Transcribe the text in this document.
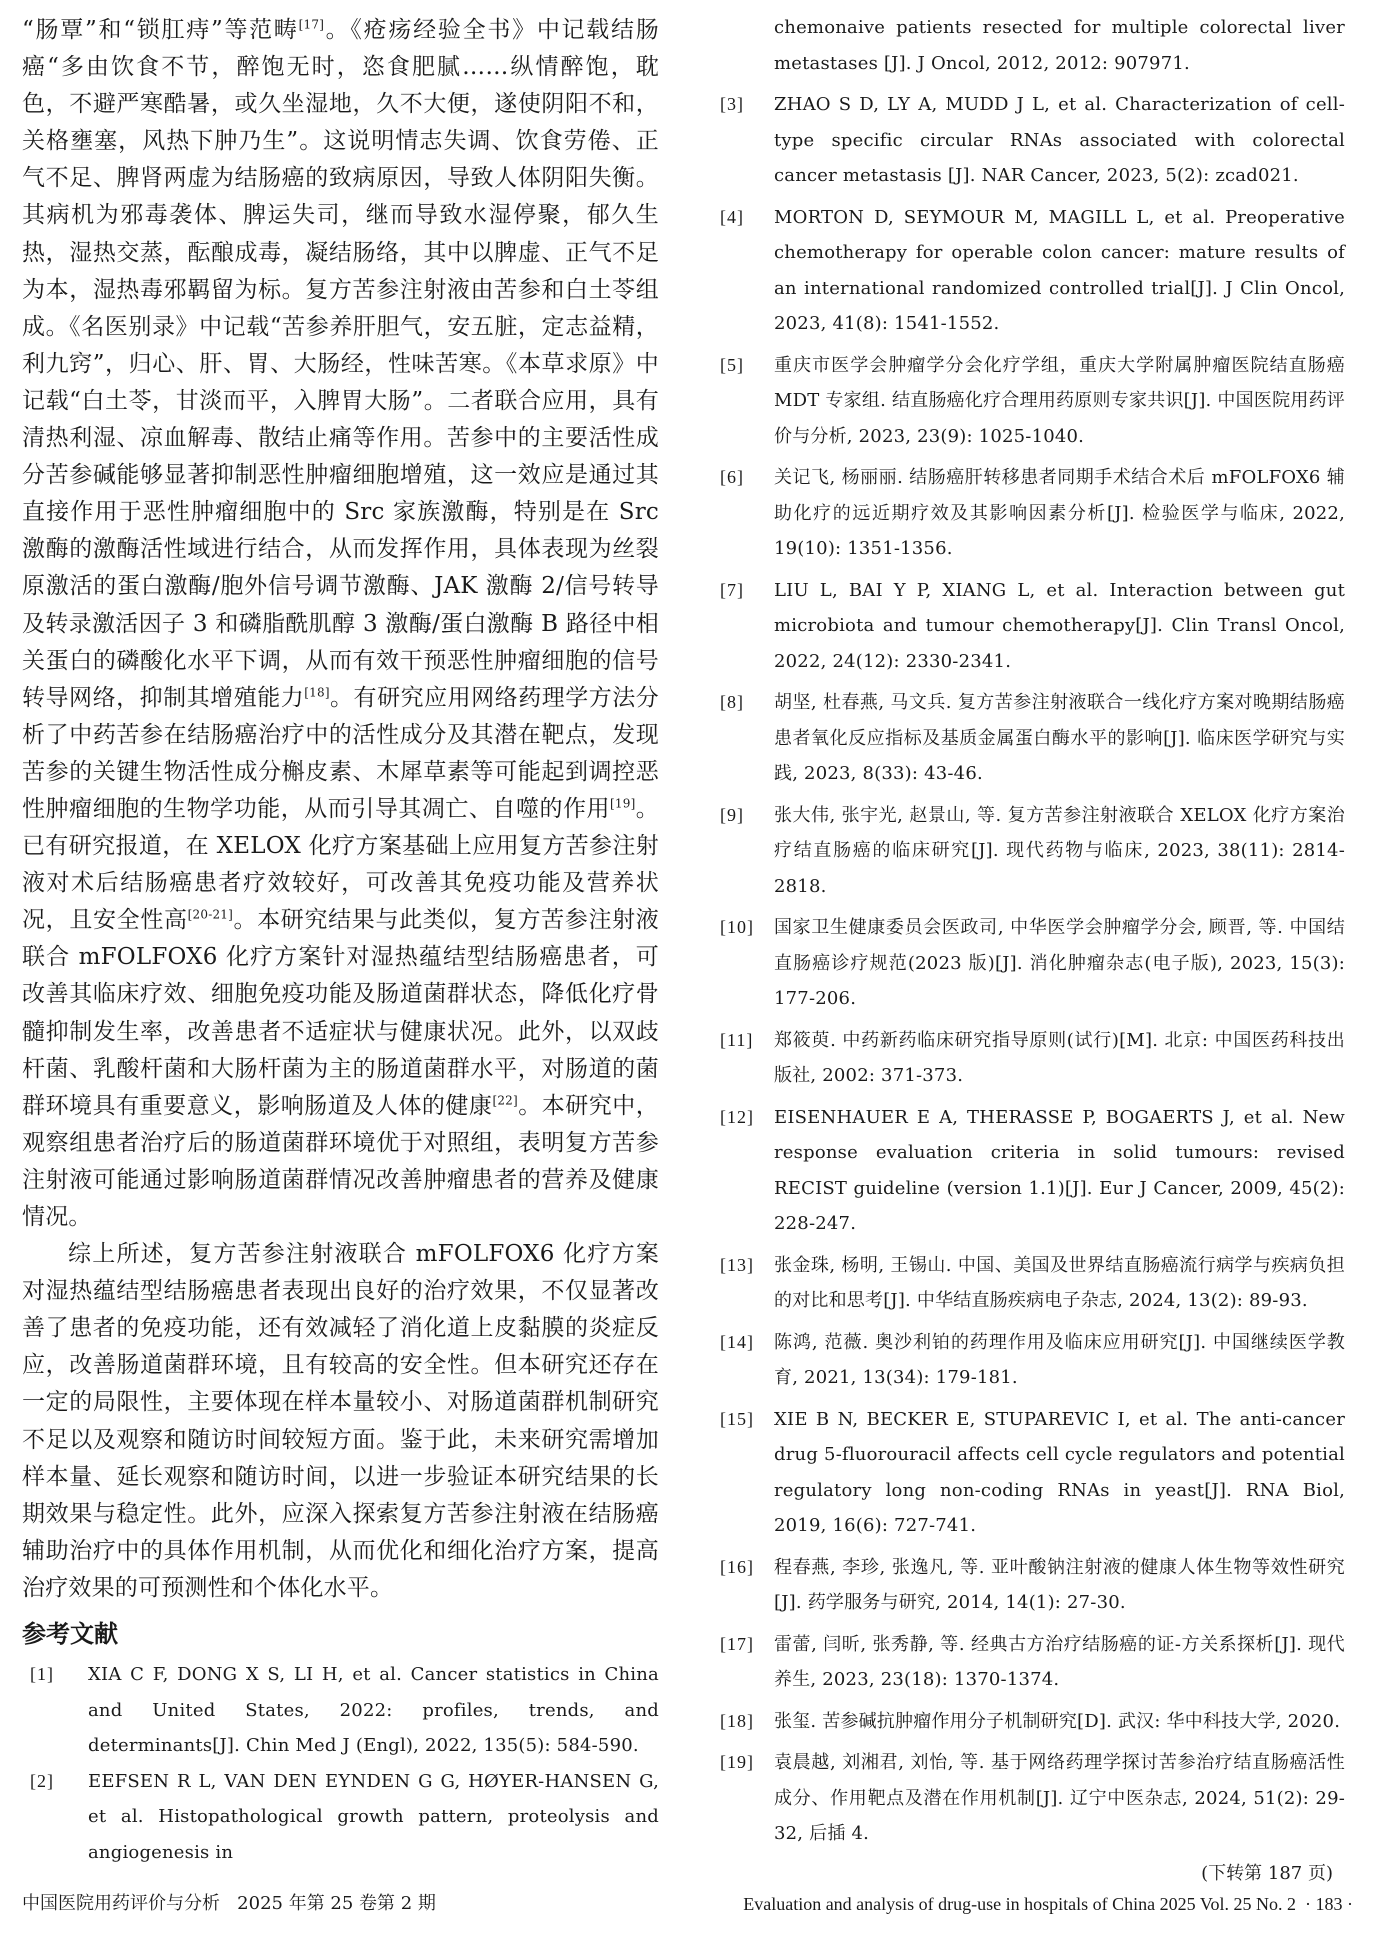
“肠覃”和“锁肛痔”等范畴[17]。《疮疡经验全书》中记载结肠癌“多由饮食不节，醉饱无时，恣食肥腻……纵情醉饱，耽色，不避严寒酷暑，或久坐湿地，久不大便，遂使阴阳不和，关格壅塞，风热下肿乃生”。这说明情志失调、饮食劳倦、正气不足、脾肾两虚为结肠癌的致病原因，导致人体阴阳失衡。其病机为邪毒袭体、脾运失司，继而导致水湿停聚，郁久生热，湿热交蒸，酝酿成毒，凝结肠络，其中以脾虚、正气不足为本，湿热毒邪羁留为标。复方苦参注射液由苦参和白土苓组成。《名医别录》中记载“苦参养肝胆气，安五脏，定志益精，利九窍”，归心、肝、胃、大肠经，性味苦寒。《本草求原》中记载“白土苓，甘淡而平，入脾胃大肠”。二者联合应用，具有清热利湿、凉血解毒、散结止痛等作用。苦参中的主要活性成分苦参碱能够显著抑制恶性肿瘤细胞增殖，这一效应是通过其直接作用于恶性肿瘤细胞中的 Src 家族激酶，特别是在 Src 激酶的激酶活性域进行结合，从而发挥作用，具体表现为丝裂原激活的蛋白激酶/胞外信号调节激酶、JAK 激酶 2/信号转导及转录激活因子 3 和磷脂酰肌醇 3 激酶/蛋白激酶 B 路径中相关蛋白的磷酸化水平下调，从而有效干预恶性肿瘤细胞的信号转导网络，抑制其增殖能力[18]。有研究应用网络药理学方法分析了中药苦参在结肠癌治疗中的活性成分及其潜在靶点，发现苦参的关键生物活性成分槲皮素、木犀草素等可能起到调控恶性肿瘤细胞的生物学功能，从而引导其凋亡、自噬的作用[19]。已有研究报道，在 XELOX 化疗方案基础上应用复方苦参注射液对术后结肠癌患者疗效较好，可改善其免疫功能及营养状况，且安全性高[20-21]。本研究结果与此类似，复方苦参注射液联合 mFOLFOX6 化疗方案针对湿热蕴结型结肠癌患者，可改善其临床疗效、细胞免疫功能及肠道菌群状态，降低化疗骨髓抑制发生率，改善患者不适症状与健康状况。此外，以双歧杆菌、乳酸杆菌和大肠杆菌为主的肠道菌群水平，对肠道的菌群环境具有重要意义，影响肠道及人体的健康[22]。本研究中，观察组患者治疗后的肠道菌群环境优于对照组，表明复方苦参注射液可能通过影响肠道菌群情况改善肿瘤患者的营养及健康情况。

综上所述，复方苦参注射液联合 mFOLFOX6 化疗方案对湿热蕴结型结肠癌患者表现出良好的治疗效果，不仅显著改善了患者的免疫功能，还有效减轻了消化道上皮黏膜的炎症反应，改善肠道菌群环境，且有较高的安全性。但本研究还存在一定的局限性，主要体现在样本量较小、对肠道菌群机制研究不足以及观察和随访时间较短方面。鉴于此，未来研究需增加样本量、延长观察和随访时间，以进一步验证本研究结果的长期效果与稳定性。此外，应深入探索复方苦参注射液在结肠癌辅助治疗中的具体作用机制，从而优化和细化治疗方案，提高治疗效果的可预测性和个体化水平。

参考文献
[1] XIA C F, DONG X S, LI H, et al. Cancer statistics in China and United States, 2022: profiles, trends, and determinants[J]. Chin Med J (Engl), 2022, 135(5): 584-590.
[2] EEFSEN R L, VAN DEN EYNDEN G G, HØYER-HANSEN G, et al. Histopathological growth pattern, proteolysis and angiogenesis in
chemonaive patients resected for multiple colorectal liver metastases [J]. J Oncol, 2012, 2012: 907971.
[3] ZHAO S D, LY A, MUDD J L, et al. Characterization of cell-type specific circular RNAs associated with colorectal cancer metastasis [J]. NAR Cancer, 2023, 5(2): zcad021.
[4] MORTON D, SEYMOUR M, MAGILL L, et al. Preoperative chemotherapy for operable colon cancer: mature results of an international randomized controlled trial[J]. J Clin Oncol, 2023, 41(8): 1541-1552.
[5] 重庆市医学会肿瘤学分会化疗学组，重庆大学附属肿瘤医院结直肠癌 MDT 专家组. 结直肠癌化疗合理用药原则专家共识[J]. 中国医院用药评价与分析, 2023, 23(9): 1025-1040.
[6] 关记飞, 杨丽丽. 结肠癌肝转移患者同期手术结合术后 mFOLFOX6 辅助化疗的远近期疗效及其影响因素分析[J]. 检验医学与临床, 2022, 19(10): 1351-1356.
[7] LIU L, BAI Y P, XIANG L, et al. Interaction between gut microbiota and tumour chemotherapy[J]. Clin Transl Oncol, 2022, 24(12): 2330-2341.
[8] 胡坚, 杜春燕, 马文兵. 复方苦参注射液联合一线化疗方案对晚期结肠癌患者氧化反应指标及基质金属蛋白酶水平的影响[J]. 临床医学研究与实践, 2023, 8(33): 43-46.
[9] 张大伟, 张宇光, 赵景山, 等. 复方苦参注射液联合 XELOX 化疗方案治疗结直肠癌的临床研究[J]. 现代药物与临床, 2023, 38(11): 2814-2818.
[10] 国家卫生健康委员会医政司, 中华医学会肿瘤学分会, 顾晋, 等. 中国结直肠癌诊疗规范(2023 版)[J]. 消化肿瘤杂志(电子版), 2023, 15(3): 177-206.
[11] 郑筱萸. 中药新药临床研究指导原则(试行)[M]. 北京: 中国医药科技出版社, 2002: 371-373.
[12] EISENHAUER E A, THERASSE P, BOGAERTS J, et al. New response evaluation criteria in solid tumours: revised RECIST guideline (version 1.1)[J]. Eur J Cancer, 2009, 45(2): 228-247.
[13] 张金珠, 杨明, 王锡山. 中国、美国及世界结直肠癌流行病学与疾病负担的对比和思考[J]. 中华结直肠疾病电子杂志, 2024, 13(2): 89-93.
[14] 陈鸿, 范薇. 奥沙利铂的药理作用及临床应用研究[J]. 中国继续医学教育, 2021, 13(34): 179-181.
[15] XIE B N, BECKER E, STUPAREVIC I, et al. The anti-cancer drug 5-fluorouracil affects cell cycle regulators and potential regulatory long non-coding RNAs in yeast[J]. RNA Biol, 2019, 16(6): 727-741.
[16] 程春燕, 李珍, 张逸凡, 等. 亚叶酸钠注射液的健康人体生物等效性研究[J]. 药学服务与研究, 2014, 14(1): 27-30.
[17] 雷蕾, 闫昕, 张秀静, 等. 经典古方治疗结肠癌的证-方关系探析[J]. 现代养生, 2023, 23(18): 1370-1374.
[18] 张玺. 苦参碱抗肿瘤作用分子机制研究[D]. 武汉: 华中科技大学, 2020.
[19] 袁晨越, 刘湘君, 刘怡, 等. 基于网络药理学探讨苦参治疗结直肠癌活性成分、作用靶点及潜在作用机制[J]. 辽宁中医杂志, 2024, 51(2): 29-32, 后插 4.

(下转第 187 页)

中国医院用药评价与分析   2025 年第 25 卷第 2 期	Evaluation and analysis of drug-use in hospitals of China 2025 Vol. 25 No. 2  · 183 ·
